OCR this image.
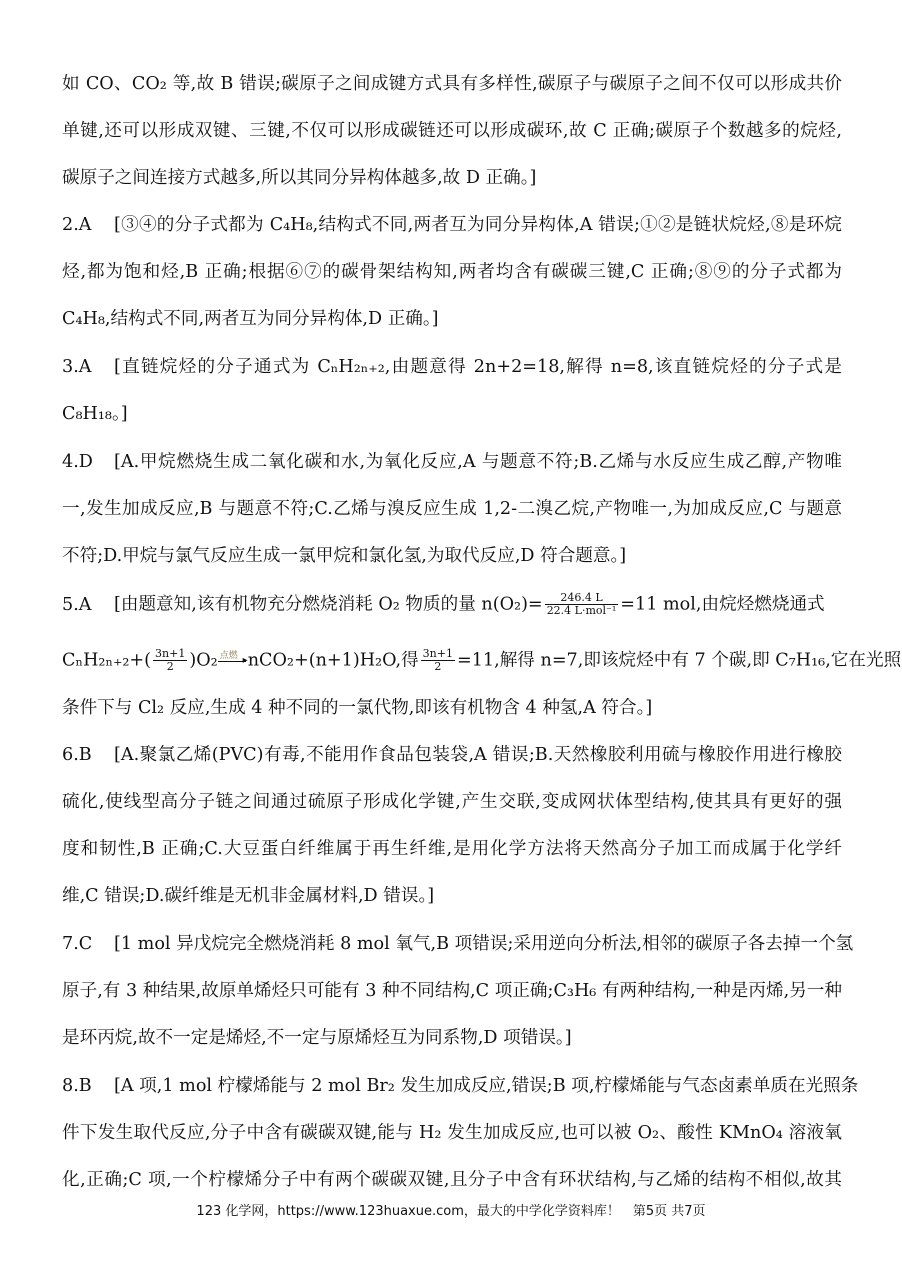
如 CO、CO₂ 等,故 B 错误;碳原子之间成键方式具有多样性,碳原子与碳原子之间不仅可以形成共价
单键,还可以形成双键、三键,不仅可以形成碳链还可以形成碳环,故 C 正确;碳原子个数越多的烷烃,
碳原子之间连接方式越多,所以其同分异构体越多,故 D 正确。]
2.A [③④的分子式都为 C₄H₈,结构式不同,两者互为同分异构体,A 错误;①②是链状烷烃,⑧是环烷
烃,都为饱和烃,B 正确;根据⑥⑦的碳骨架结构知,两者均含有碳碳三键,C 正确;⑧⑨的分子式都为
C₄H₈,结构式不同,两者互为同分异构体,D 正确。]
3.A [直链烷烃的分子通式为 CₙH₂ₙ₊₂,由题意得 2n+2=18,解得 n=8,该直链烷烃的分子式是
C₈H₁₈。]
4.D [A.甲烷燃烧生成二氧化碳和水,为氧化反应,A 与题意不符;B.乙烯与水反应生成乙醇,产物唯
一,发生加成反应,B 与题意不符;C.乙烯与溴反应生成 1,2-二溴乙烷,产物唯一,为加成反应,C 与题意
不符;D.甲烷与氯气反应生成一氯甲烷和氯化氢,为取代反应,D 符合题意。]
5.A [由题意知,该有机物充分燃烧消耗 O₂ 物质的量 $n(O_2)= \frac{246.4 L}{\text{22.4 L·mol⁻¹}} =11$ mol,由烷烃燃烧通式
$C_nH_{2n+2}+( \frac{3n+1}{2} )O_2$ 点燃 ▸ nCO₂+(n+1)H₂O,得 $\frac{3n+1}{2} =11$,解得 n=7,即该烷烃中有 7 个碳,即 C₇H₁₆,它在光照
条件下与 Cl₂ 反应,生成 4 种不同的一氯代物,即该有机物含 4 种氢,A 符合。]
6.B [A.聚氯乙烯(PVC)有毒,不能用作食品包装袋,A 错误;B.天然橡胶利用硫与橡胶作用进行橡胶
硫化,使线型高分子链之间通过硫原子形成化学键,产生交联,变成网状体型结构,使其具有更好的强
度和韧性,B 正确;C.大豆蛋白纤维属于再生纤维,是用化学方法将天然高分子加工而成属于化学纤
维,C 错误;D.碳纤维是无机非金属材料,D 错误。]
7.C [1 mol 异戊烷完全燃烧消耗 8 mol 氧气,B 项错误;采用逆向分析法,相邻的碳原子各去掉一个氢
原子,有 3 种结果,故原单烯烃只可能有 3 种不同结构,C 项正确;C₃H₆ 有两种结构,一种是丙烯,另一种
是环丙烷,故不一定是烯烃,不一定与原烯烃互为同系物,D 项错误。]
8.B [A 项,1 mol 柠檬烯能与 2 mol Br₂ 发生加成反应,错误;B 项,柠檬烯能与气态卤素单质在光照条
件下发生取代反应,分子中含有碳碳双键,能与 H₂ 发生加成反应,也可以被 O₂、酸性 KMnO₄ 溶液氧
化,正确;C 项,一个柠檬烯分子中有两个碳碳双键,且分子中含有环状结构,与乙烯的结构不相似,故其
123 化学网，https://www.123huaxue.com，最大的中学化学资料库！　第5页 共7页
